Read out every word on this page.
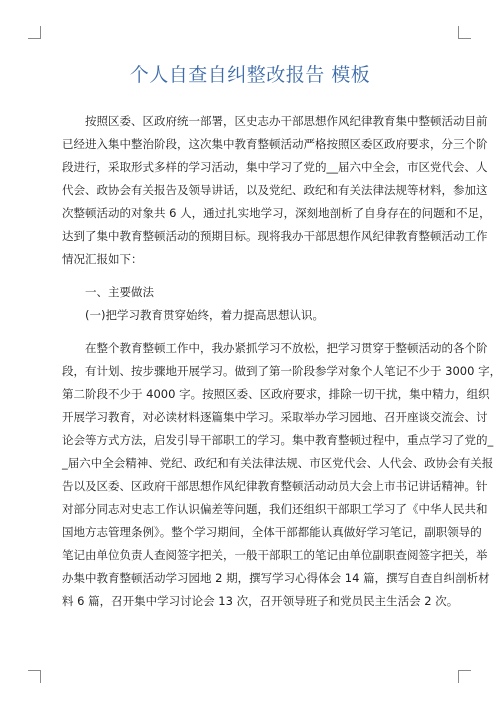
个人自查自纠整改报告 模板
按照区委、区政府统一部署，区史志办干部思想作风纪律教育集中整顿活动目前
已经进入集中整治阶段，这次集中教育整顿活动严格按照区委区政府要求，分三个阶
段进行，采取形式多样的学习活动，集中学习了党的__届六中全会，市区党代会、人
代会、政协会有关报告及领导讲话，以及党纪、政纪和有关法律法规等材料，参加这
次整顿活动的对象共 6 人，通过扎实地学习，深刻地剖析了自身存在的问题和不足，
达到了集中教育整顿活动的预期目标。现将我办干部思想作风纪律教育整顿活动工作
情况汇报如下：
一、主要做法
(一)把学习教育贯穿始终，着力提高思想认识。
在整个教育整顿工作中，我办紧抓学习不放松，把学习贯穿于整顿活动的各个阶
段，有计划、按步骤地开展学习。做到了第一阶段参学对象个人笔记不少于 3000 字，
第二阶段不少于 4000 字。按照区委、区政府要求，排除一切干扰，集中精力，组织
开展学习教育，对必读材料逐篇集中学习。采取举办学习园地、召开座谈交流会、讨
论会等方式方法，启发引导干部职工的学习。集中教育整顿过程中，重点学习了党的_
_届六中全会精神、党纪、政纪和有关法律法规、市区党代会、人代会、政协会有关报
告以及区委、区政府干部思想作风纪律教育整顿活动动员大会上市书记讲话精神。针
对部分同志对史志工作认识偏差等问题，我们还组织干部职工学习了《中华人民共和
国地方志管理条例》。整个学习期间，全体干部都能认真做好学习笔记，副职领导的
笔记由单位负责人查阅签字把关，一般干部职工的笔记由单位副职查阅签字把关，举
办集中教育整顿活动学习园地 2 期，撰写学习心得体会 14 篇，撰写自查自纠剖析材
料 6 篇，召开集中学习讨论会 13 次，召开领导班子和党员民主生活会 2 次。
